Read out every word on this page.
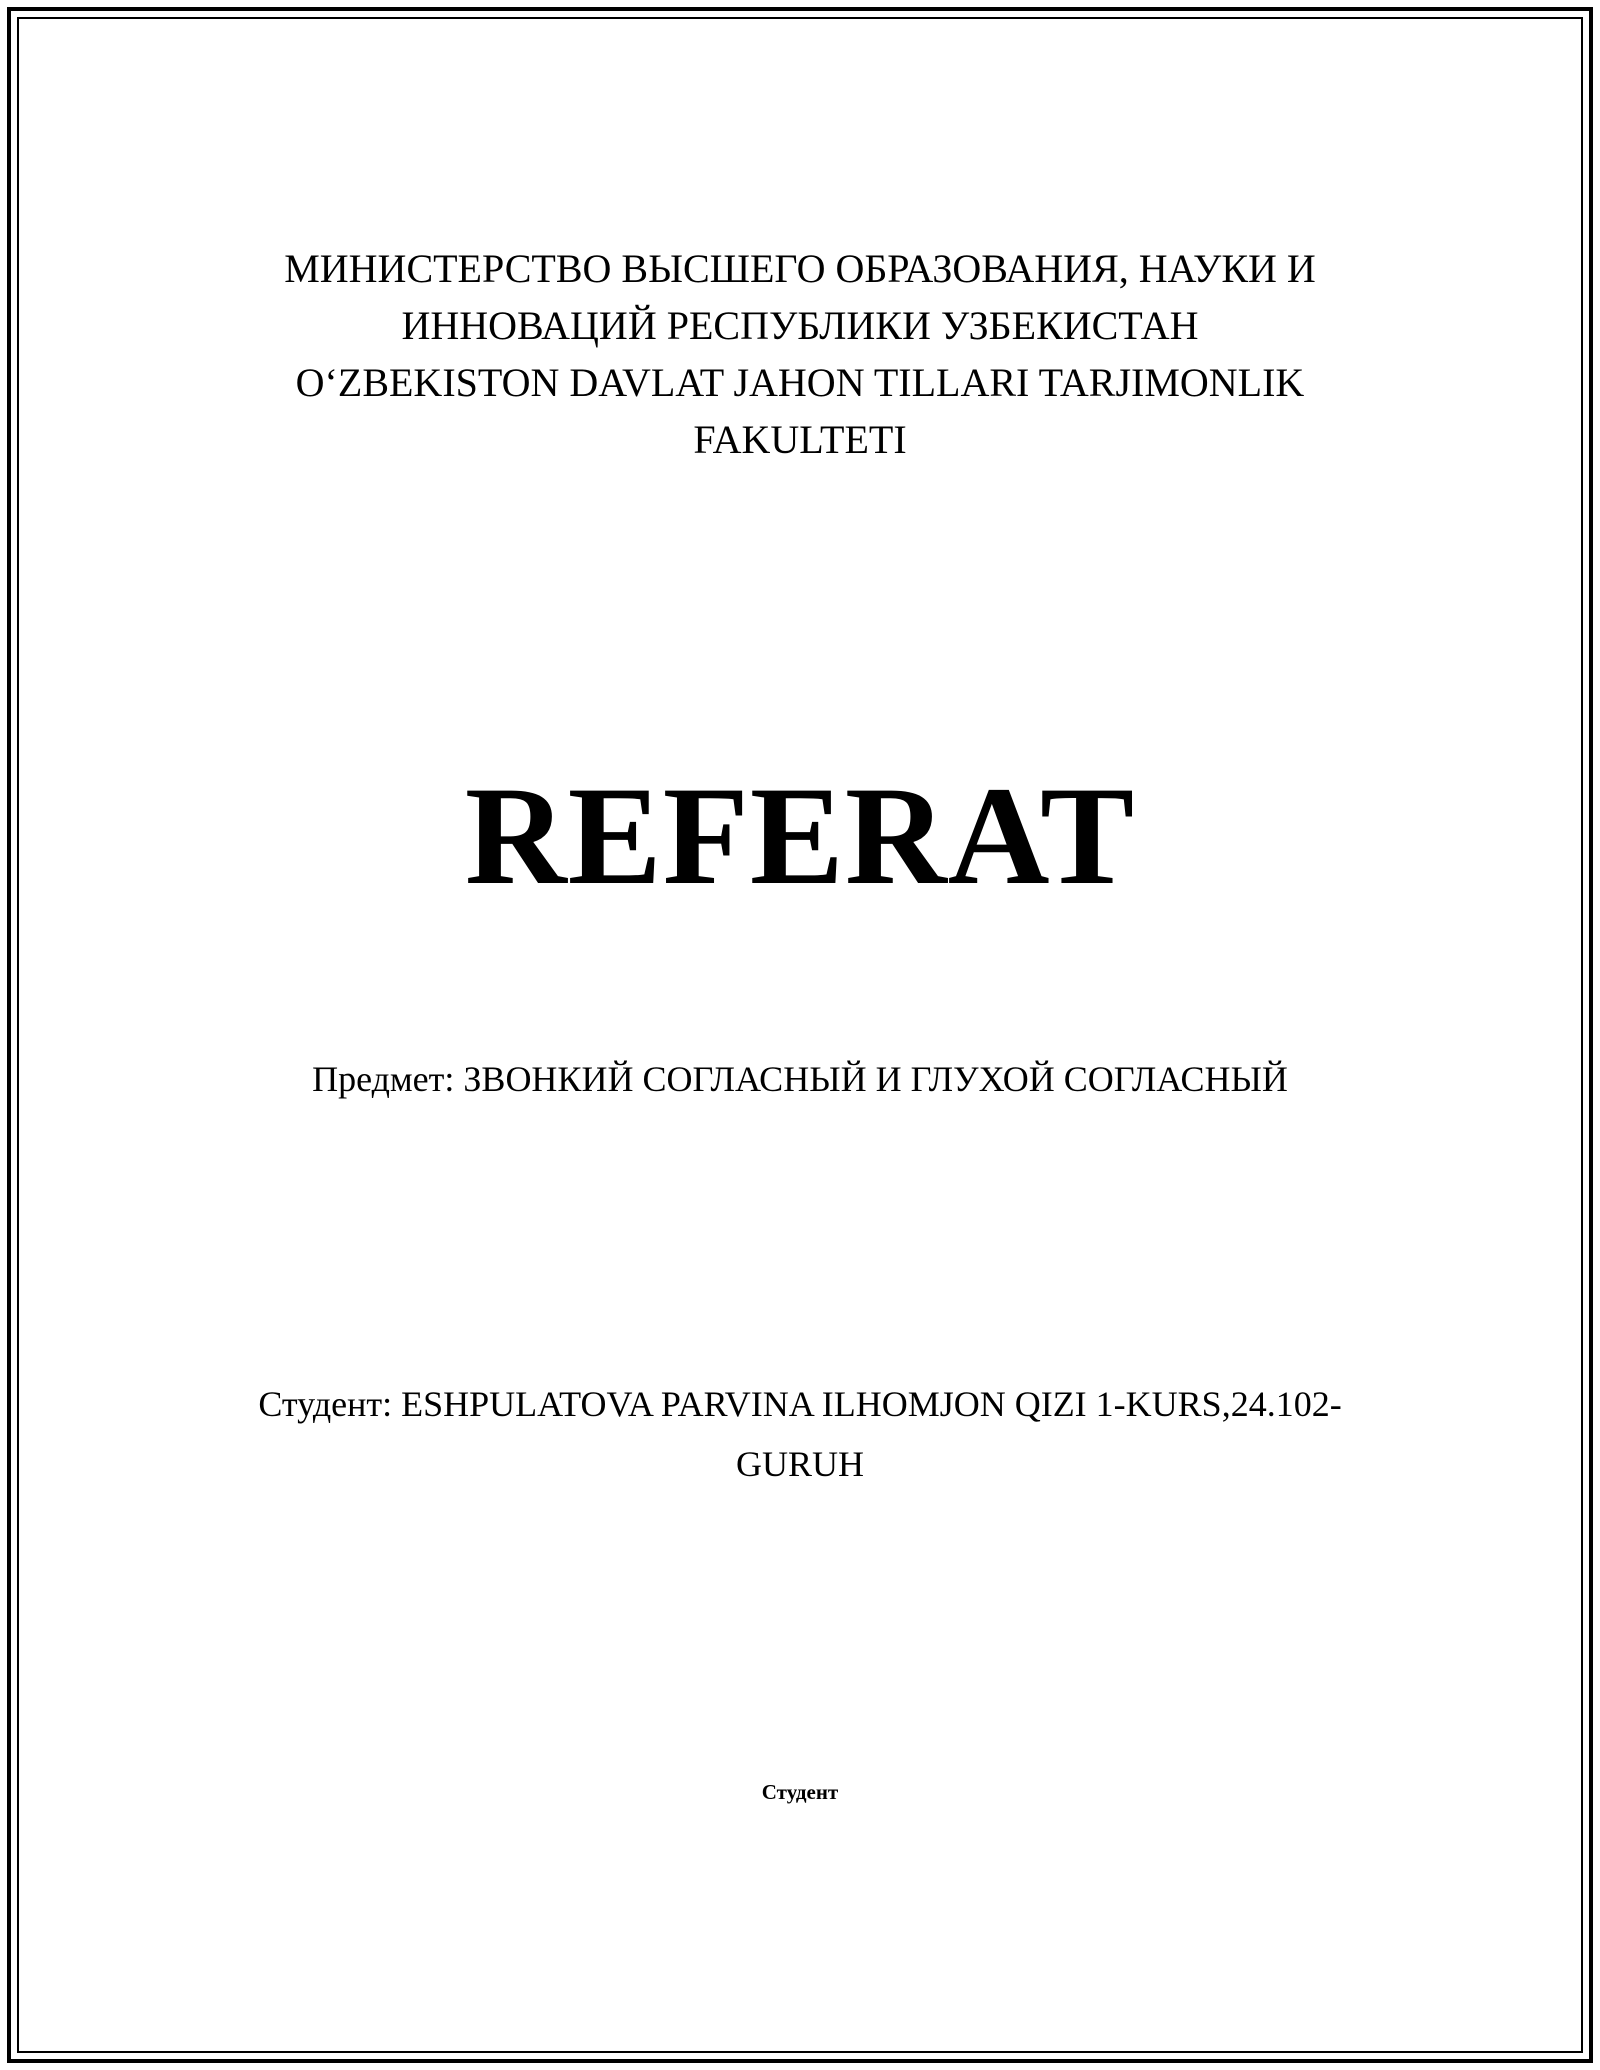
МИНИСТЕРСТВО ВЫСШЕГО ОБРАЗОВАНИЯ, НАУКИ И
ИННОВАЦИЙ РЕСПУБЛИКИ УЗБЕКИСТАН
O‘ZBEKISTON DAVLAT JAHON TILLARI TARJIMONLIK
FAKULTETI
REFERAT
Предмет: ЗВОНКИЙ СОГЛАСНЫЙ И ГЛУХОЙ СОГЛАСНЫЙ
Студент: ESHPULATOVA PARVINA ILHOMJON QIZI 1-KURS,24.102-
GURUH
Студент
